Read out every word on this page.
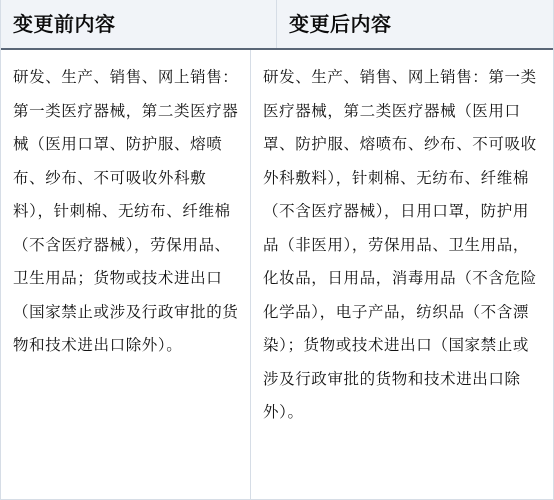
变更前内容	变更后内容
研发、生产、销售、网上销售：第一类医疗器械，第二类医疗器械（医用口罩、防护服、熔喷布、纱布、不可吸收外科敷料），针刺棉、无纺布、纤维棉（不含医疗器械），劳保用品、卫生用品；货物或技术进出口（国家禁止或涉及行政审批的货物和技术进出口除外）。
研发、生产、销售、网上销售：第一类医疗器械，第二类医疗器械（医用口罩、防护服、熔喷布、纱布、不可吸收外科敷料），针刺棉、无纺布、纤维棉（不含医疗器械），日用口罩，防护用品（非医用），劳保用品、卫生用品，化妆品，日用品，消毒用品（不含危险化学品），电子产品，纺织品（不含漂染）；货物或技术进出口（国家禁止或涉及行政审批的货物和技术进出口除外）。
